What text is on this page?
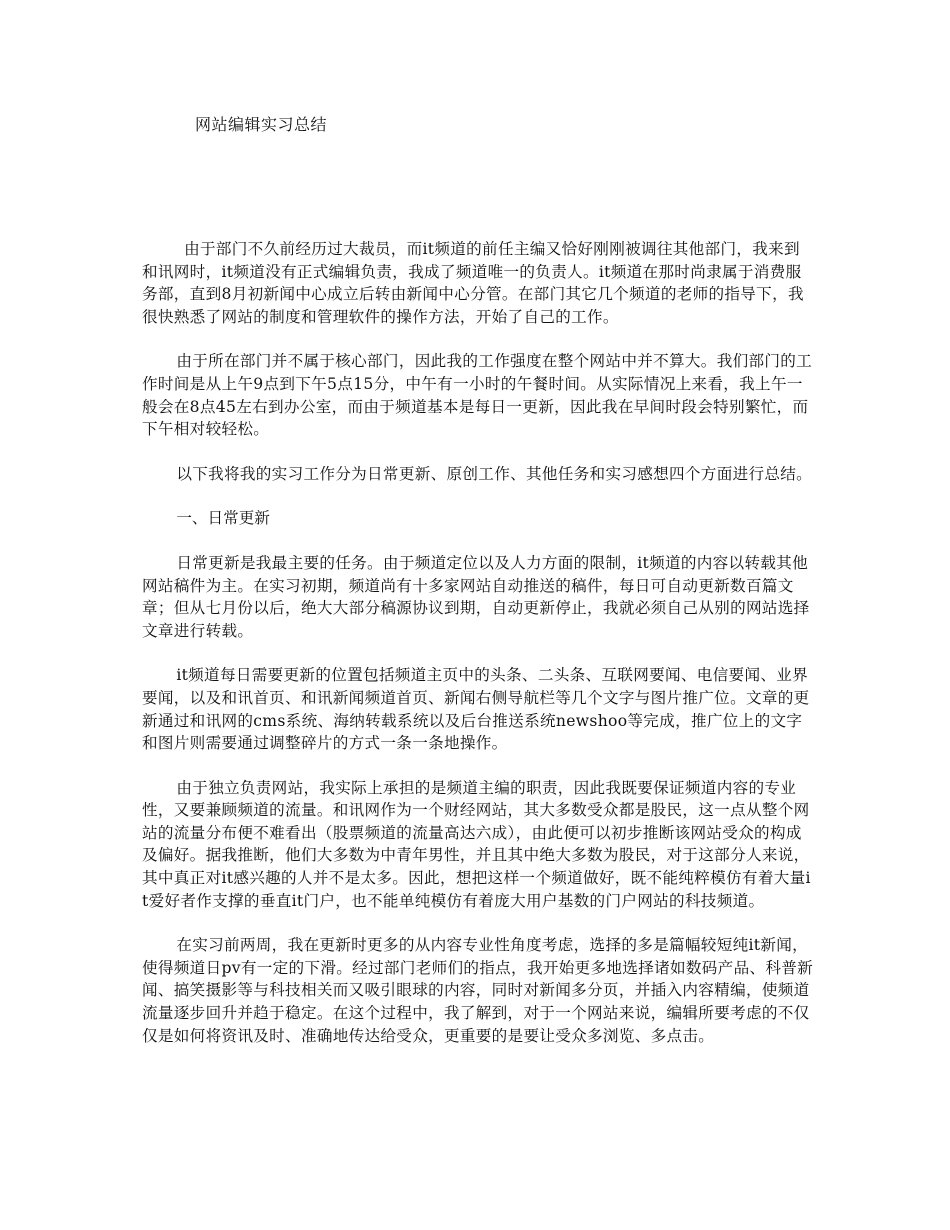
网站编辑实习总结

由于部门不久前经历过大裁员，而it频道的前任主编又恰好刚刚被调往其他部门，我来到和讯网时，it频道没有正式编辑负责，我成了频道唯一的负责人。it频道在那时尚隶属于消费服务部，直到8月初新闻中心成立后转由新闻中心分管。在部门其它几个频道的老师的指导下，我很快熟悉了网站的制度和管理软件的操作方法，开始了自己的工作。

由于所在部门并不属于核心部门，因此我的工作强度在整个网站中并不算大。我们部门的工作时间是从上午9点到下午5点15分，中午有一小时的午餐时间。从实际情况上来看，我上午一般会在8点45左右到办公室，而由于频道基本是每日一更新，因此我在早间时段会特别繁忙，而下午相对较轻松。

以下我将我的实习工作分为日常更新、原创工作、其他任务和实习感想四个方面进行总结。

一、日常更新

日常更新是我最主要的任务。由于频道定位以及人力方面的限制，it频道的内容以转载其他网站稿件为主。在实习初期，频道尚有十多家网站自动推送的稿件，每日可自动更新数百篇文章；但从七月份以后，绝大大部分稿源协议到期，自动更新停止，我就必须自己从别的网站选择文章进行转载。

it频道每日需要更新的位置包括频道主页中的头条、二头条、互联网要闻、电信要闻、业界要闻，以及和讯首页、和讯新闻频道首页、新闻右侧导航栏等几个文字与图片推广位。文章的更新通过和讯网的cms系统、海纳转载系统以及后台推送系统newshoo等完成，推广位上的文字和图片则需要通过调整碎片的方式一条一条地操作。

由于独立负责网站，我实际上承担的是频道主编的职责，因此我既要保证频道内容的专业性，又要兼顾频道的流量。和讯网作为一个财经网站，其大多数受众都是股民，这一点从整个网站的流量分布便不难看出（股票频道的流量高达六成），由此便可以初步推断该网站受众的构成及偏好。据我推断，他们大多数为中青年男性，并且其中绝大多数为股民，对于这部分人来说，其中真正对it感兴趣的人并不是太多。因此，想把这样一个频道做好，既不能纯粹模仿有着大量it爱好者作支撑的垂直it门户，也不能单纯模仿有着庞大用户基数的门户网站的科技频道。

在实习前两周，我在更新时更多的从内容专业性角度考虑，选择的多是篇幅较短纯it新闻，使得频道日pv有一定的下滑。经过部门老师们的指点，我开始更多地选择诸如数码产品、科普新闻、搞笑摄影等与科技相关而又吸引眼球的内容，同时对新闻多分页，并插入内容精编，使频道流量逐步回升并趋于稳定。在这个过程中，我了解到，对于一个网站来说，编辑所要考虑的不仅仅是如何将资讯及时、准确地传达给受众，更重要的是要让受众多浏览、多点击。
